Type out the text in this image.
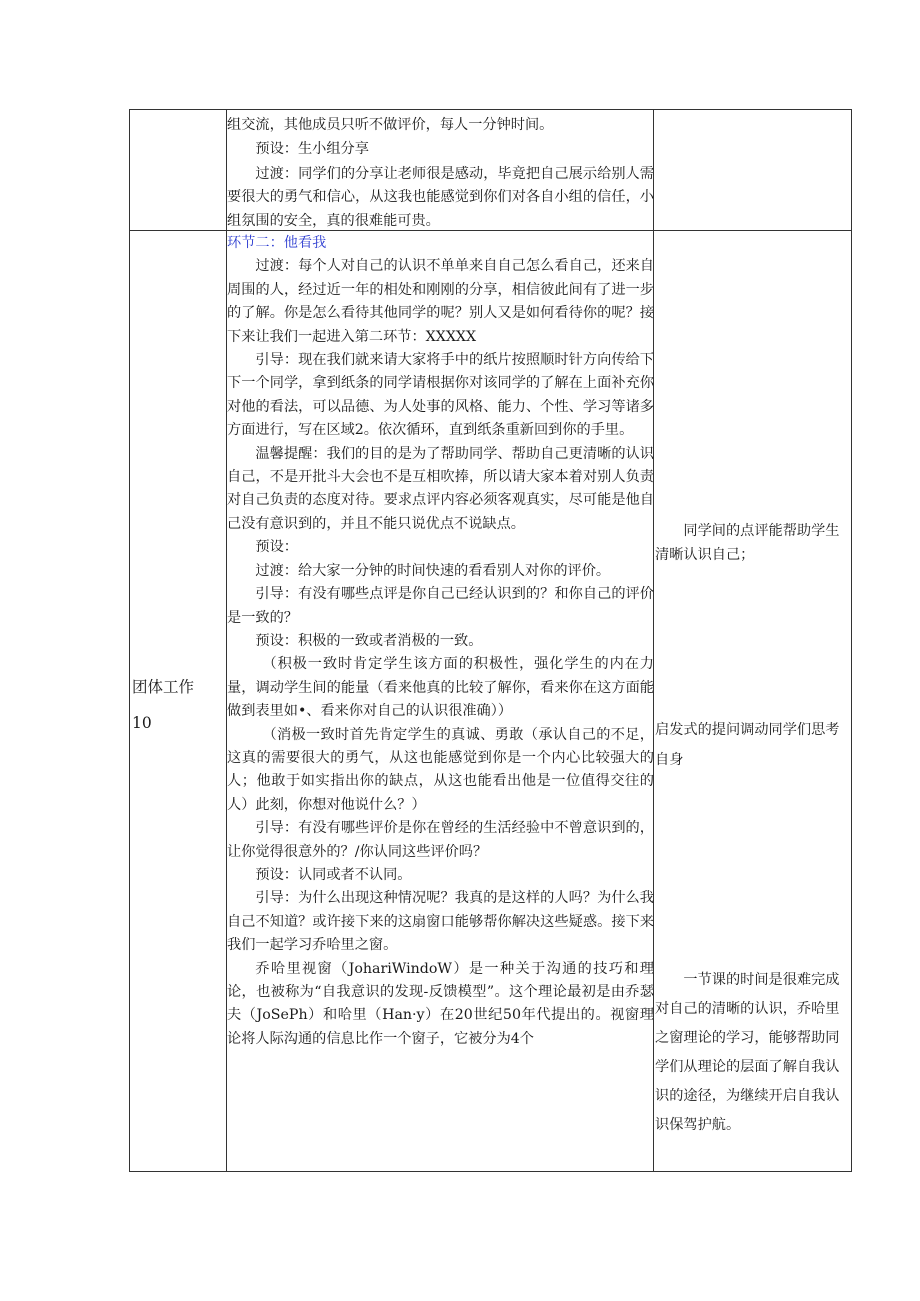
组交流，其他成员只听不做评价，每人一分钟时间。

预设：生小组分享

过渡：同学们的分享让老师很是感动，毕竟把自己展示给别人需要很大的勇气和信心，从这我也能感觉到你们对各自小组的信任，小组氛围的安全，真的很难能可贵。

团体工作

10

环节二：他看我

过渡：每个人对自己的认识不单单来自自己怎么看自己，还来自周围的人，经过近一年的相处和刚刚的分享，相信彼此间有了进一步的了解。你是怎么看待其他同学的呢？别人又是如何看待你的呢？接下来让我们一起进入第二环节：XXXXX

引导：现在我们就来请大家将手中的纸片按照顺时针方向传给下下一个同学，拿到纸条的同学请根据你对该同学的了解在上面补充你对他的看法，可以品德、为人处事的风格、能力、个性、学习等诸多方面进行，写在区域2。依次循环，直到纸条重新回到你的手里。

温馨提醒：我们的目的是为了帮助同学、帮助自己更清晰的认识自己，不是开批斗大会也不是互相吹捧，所以请大家本着对别人负责对自己负责的态度对待。要求点评内容必须客观真实，尽可能是他自己没有意识到的，并且不能只说优点不说缺点。

预设：

过渡：给大家一分钟的时间快速的看看别人对你的评价。

引导：有没有哪些点评是你自己已经认识到的？和你自己的评价是一致的？

预设：积极的一致或者消极的一致。

（积极一致时肯定学生该方面的积极性，强化学生的内在力量，调动学生间的能量（看来他真的比较了解你，看来你在这方面能做到表里如•、看来你对自己的认识很准确））

（消极一致时首先肯定学生的真诚、勇敢（承认自己的不足，这真的需要很大的勇气，从这也能感觉到你是一个内心比较强大的人；他敢于如实指出你的缺点，从这也能看出他是一位值得交往的人）此刻，你想对他说什么？）

引导：有没有哪些评价是你在曾经的生活经验中不曾意识到的，让你觉得很意外的？/你认同这些评价吗？

预设：认同或者不认同。

引导：为什么出现这种情况呢？我真的是这样的人吗？为什么我自己不知道？或许接下来的这扇窗口能够帮你解决这些疑惑。接下来我们一起学习乔哈里之窗。

乔哈里视窗（JohariWindoW）是一种关于沟通的技巧和理论，也被称为“自我意识的发现-反馈模型”。这个理论最初是由乔瑟夫（JoSePh）和哈里（Han·y）在20世纪50年代提出的。视窗理论将人际沟通的信息比作一个窗子，它被分为4个

同学间的点评能帮助学生清晰认识自己；

启发式的提问调动同学们思考自身

一节课的时间是很难完成对自己的清晰的认识，乔哈里之窗理论的学习，能够帮助同学们从理论的层面了解自我认识的途径，为继续开启自我认识保驾护航。
